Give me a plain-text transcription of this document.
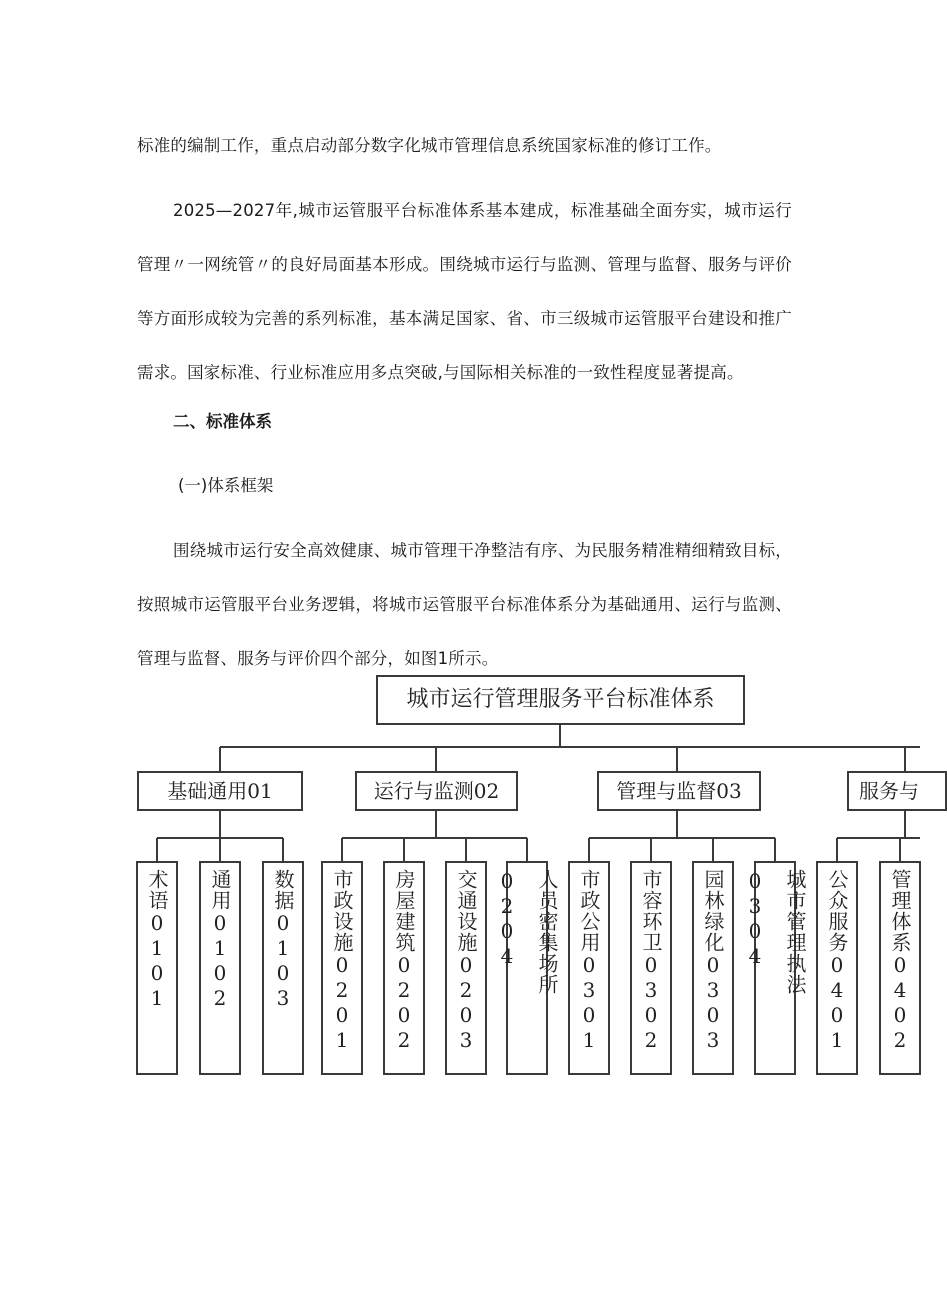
标准的编制工作，重点启动部分数字化城市管理信息系统国家标准的修订工作。

2025—2027年,城市运管服平台标准体系基本建成，标准基础全面夯实，城市运行管理〃一网统管〃的良好局面基本形成。围绕城市运行与监测、管理与监督、服务与评价等方面形成较为完善的系列标准，基本满足国家、省、市三级城市运管服平台建设和推广需求。国家标准、行业标准应用多点突破,与国际相关标准的一致性程度显著提高。

二、标准体系

(一)体系框架

围绕城市运行安全高效健康、城市管理干净整洁有序、为民服务精准精细精致目标，按照城市运管服平台业务逻辑，将城市运管服平台标准体系分为基础通用、运行与监测、管理与监督、服务与评价四个部分，如图1所示。

城市运行管理服务平台标准体系
基础通用01	运行与监测02	管理与监督03	服务与
术语0101	通用0102	数据0103	市政设施0201	房屋建筑0202	交通设施0203	人员密集场所0204	市政公用0301	市容环卫0302	园林绿化0303	城市管理执法0304	公众服务0401	管理体系0402
